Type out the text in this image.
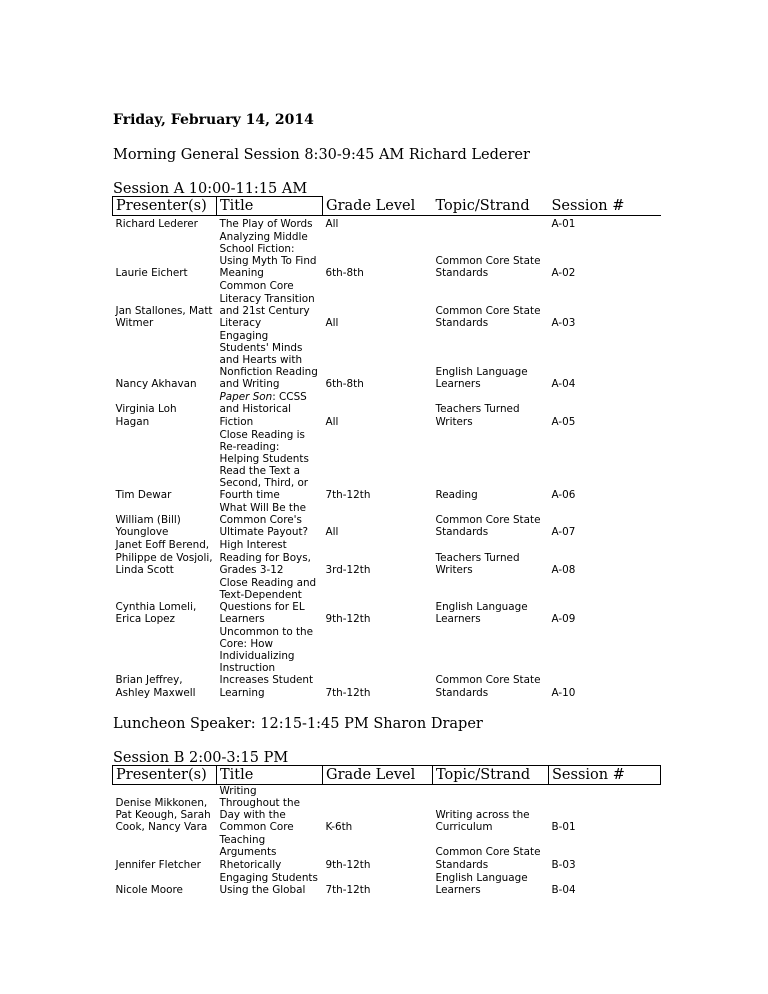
Friday, February 14, 2014
Morning General Session 8:30-9:45 AM Richard Lederer
Session A 10:00-11:15 AM
Presenter(s)	Title	Grade Level	Topic/Strand	Session #
Richard Lederer	The Play of Words	All		A-01
Laurie Eichert	Analyzing Middle School Fiction: Using Myth To Find Meaning	6th-8th	Common Core State Standards	A-02
Jan Stallones, Matt Witmer	Common Core Literacy Transition and 21st Century Literacy	All	Common Core State Standards	A-03
Nancy Akhavan	Engaging Students' Minds and Hearts with Nonfiction Reading and Writing	6th-8th	English Language Learners	A-04
Virginia Loh Hagan	Paper Son: CCSS and Historical Fiction	All	Teachers Turned Writers	A-05
Tim Dewar	Close Reading is Re-reading: Helping Students Read the Text a Second, Third, or Fourth time	7th-12th	Reading	A-06
William (Bill) Younglove	What Will Be the Common Core's Ultimate Payout?	All	Common Core State Standards	A-07
Janet Eoff Berend, Philippe de Vosjoli, Linda Scott	High Interest Reading for Boys, Grades 3-12	3rd-12th	Teachers Turned Writers	A-08
Cynthia Lomeli, Erica Lopez	Close Reading and Text-Dependent Questions for EL Learners	9th-12th	English Language Learners	A-09
Brian Jeffrey, Ashley Maxwell	Uncommon to the Core: How Individualizing Instruction Increases Student Learning	7th-12th	Common Core State Standards	A-10
Luncheon Speaker: 12:15-1:45 PM Sharon Draper
Session B 2:00-3:15 PM
Presenter(s)	Title	Grade Level	Topic/Strand	Session #
Denise Mikkonen, Pat Keough, Sarah Cook, Nancy Vara	Writing Throughout the Day with the Common Core	K-6th	Writing across the Curriculum	B-01
Jennifer Fletcher	Teaching Arguments Rhetorically	9th-12th	Common Core State Standards	B-03
Nicole Moore	Engaging Students Using the Global	7th-12th	English Language Learners	B-04
